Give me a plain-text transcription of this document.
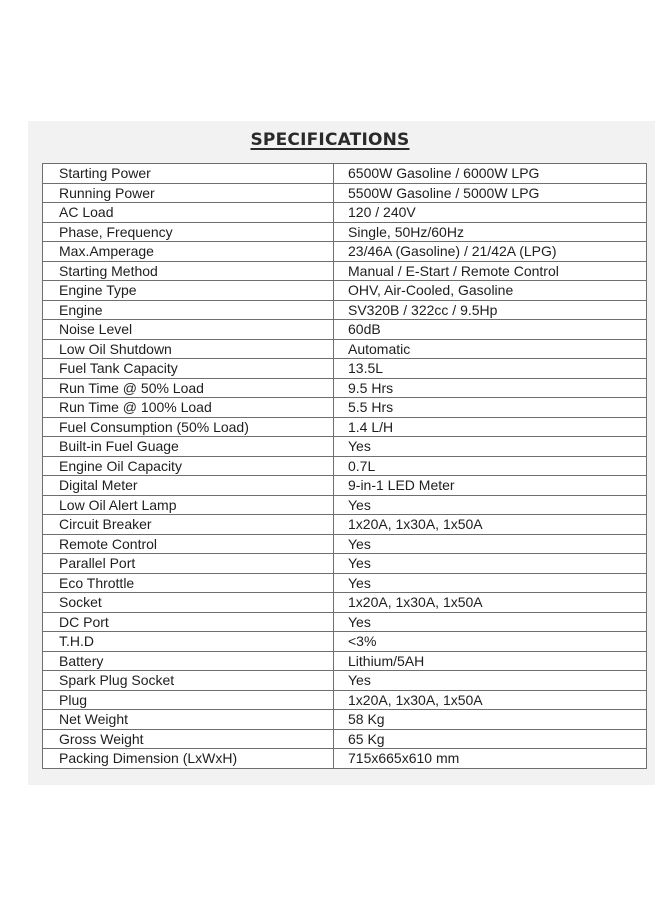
SPECIFICATIONS
Starting Power	6500W Gasoline / 6000W LPG
Running Power	5500W Gasoline / 5000W LPG
AC Load	120 / 240V
Phase, Frequency	Single, 50Hz/60Hz
Max.Amperage	23/46A (Gasoline) / 21/42A (LPG)
Starting Method	Manual / E-Start / Remote Control
Engine Type	OHV, Air-Cooled, Gasoline
Engine	SV320B / 322cc / 9.5Hp
Noise Level	60dB
Low Oil Shutdown	Automatic
Fuel Tank Capacity	13.5L
Run Time @ 50% Load	9.5 Hrs
Run Time @ 100% Load	5.5 Hrs
Fuel Consumption (50% Load)	1.4 L/H
Built-in Fuel Guage	Yes
Engine Oil Capacity	0.7L
Digital Meter	9-in-1 LED Meter
Low Oil Alert Lamp	Yes
Circuit Breaker	1x20A, 1x30A, 1x50A
Remote Control	Yes
Parallel Port	Yes
Eco Throttle	Yes
Socket	1x20A, 1x30A, 1x50A
DC Port	Yes
T.H.D	<3%
Battery	Lithium/5AH
Spark Plug Socket	Yes
Plug	1x20A, 1x30A, 1x50A
Net Weight	58 Kg
Gross Weight	65 Kg
Packing Dimension (LxWxH)	715x665x610 mm
